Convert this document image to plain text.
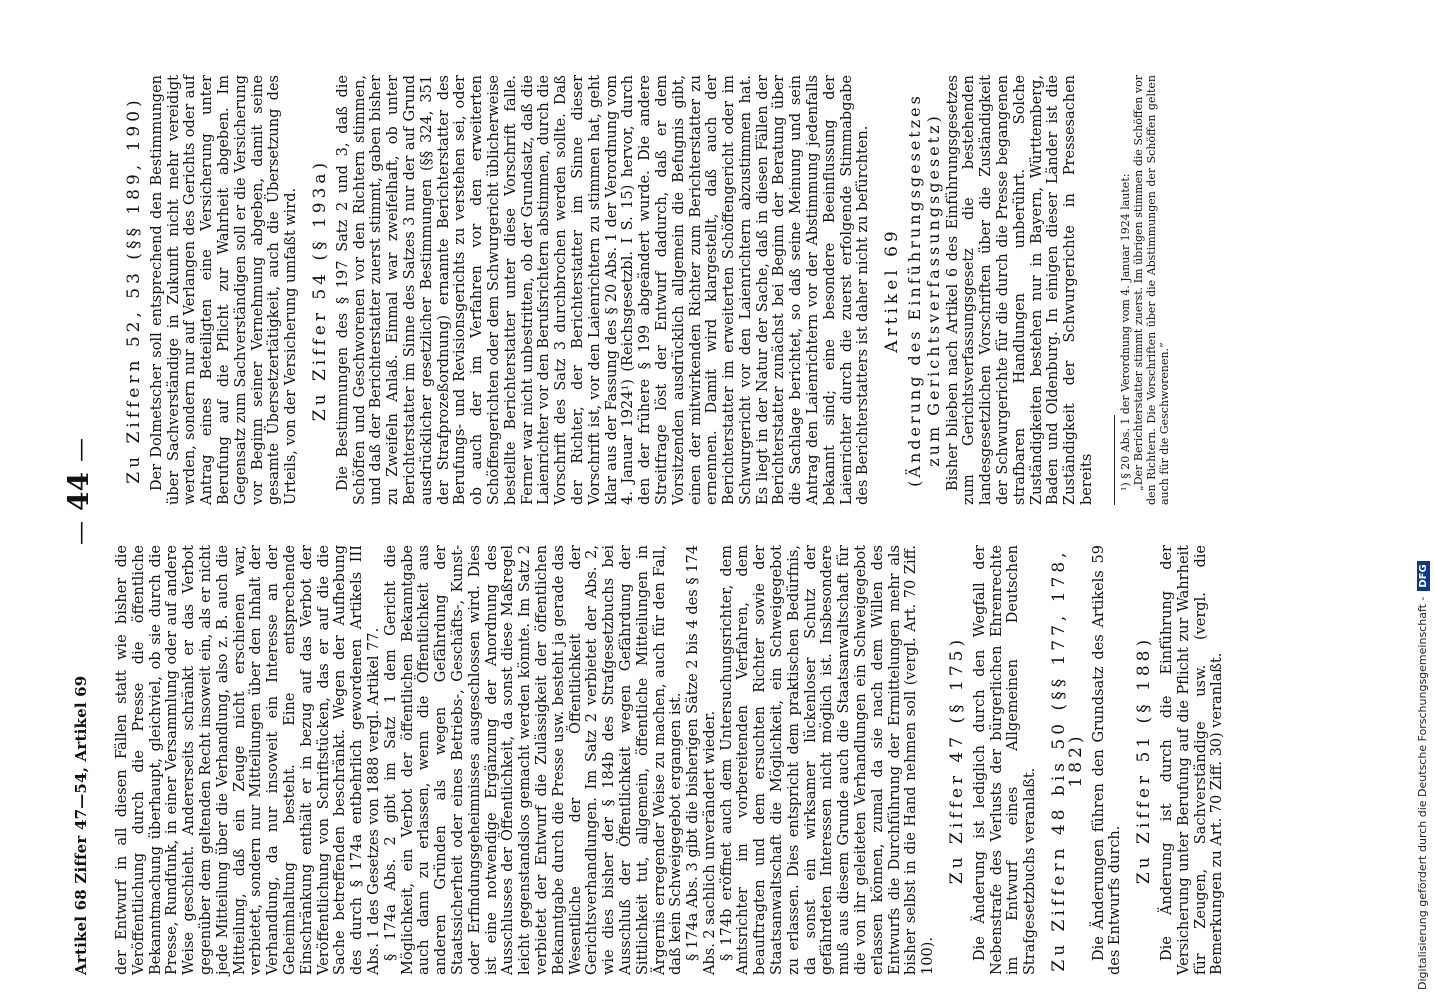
Artikel 68 Ziffer 47—54, Artikel 69
—44—

der Entwurf in all diesen Fällen statt wie bisher die Veröffentlichung durch die Presse die öffentliche Bekanntmachung überhaupt, gleichviel, ob sie durch die Presse, Rundfunk, in einer Versammlung oder auf andere Weise geschieht. Andererseits schränkt er das Verbot gegenüber dem geltenden Recht insoweit ein, als er nicht jede Mitteilung über die Verhandlung, also z. B. auch die Mitteilung, daß ein Zeuge nicht erschienen war, verbietet, sondern nur Mitteilungen über den Inhalt der Verhandlung, da nur insoweit ein Interesse an der Geheimhaltung besteht. Eine entsprechende Einschränkung enthält er in bezug auf das Verbot der Veröffentlichung von Schriftstücken, das er auf die die Sache betreffenden beschränkt. Wegen der Aufhebung des durch § 174a entbehrlich gewordenen Artikels III Abs. 1 des Gesetzes von 1888 vergl. Artikel 77. § 174a Abs. 2 gibt im Satz 1 dem Gericht die Möglichkeit, ein Verbot der öffentlichen Bekanntgabe auch dann zu erlassen, wenn die Öffentlichkeit aus anderen Gründen als wegen Gefährdung der Staatssicherheit oder eines Betriebs-, Geschäfts-, Kunst- oder Erfindungsgeheimnisses ausgeschlossen wird. Dies ist eine notwendige Ergänzung der Anordnung des Ausschlusses der Öffentlichkeit, da sonst diese Maßregel leicht gegenstandslos gemacht werden könnte. Im Satz 2 verbietet der Entwurf die Zulässigkeit der öffentlichen Bekanntgabe durch die Presse usw. besteht ja gerade das Wesentliche der Öffentlichkeit der Gerichtsverhandlungen. Im Satz 2 verbietet der Abs. 2, wie dies bisher der § 184b des Strafgesetzbuchs bei Ausschluß der Öffentlichkeit wegen Gefährdung der Sittlichkeit tut, allgemein, öffentliche Mitteilungen in Ärgernis erregender Weise zu machen, auch für den Fall, daß kein Schweigegebot ergangen ist. § 174a Abs. 3 gibt die bisherigen Sätze 2 bis 4 des § 174 Abs. 2 sachlich unverändert wieder. § 174b eröffnet auch dem Untersuchungsrichter, dem Amtsrichter im vorbereitenden Verfahren, dem beauftragten und dem ersuchten Richter sowie der Staatsanwaltschaft die Möglichkeit, ein Schweigegebot zu erlassen. Dies entspricht dem praktischen Bedürfnis, da sonst ein wirksamer lückenloser Schutz der gefährdeten Interessen nicht möglich ist. Insbesondere muß aus diesem Grunde auch die Staatsanwaltschaft für die von ihr geleiteten Verhandlungen ein Schweigegebot erlassen können, zumal da sie nach dem Willen des Entwurfs die Durchführung der Ermittelungen mehr als bisher selbst in die Hand nehmen soll (vergl. Art. 70 Ziff. 100).

Zu Ziffer 47 (§ 175) Die Änderung ist lediglich durch den Wegfall der Nebenstrafe des Verlusts der bürgerlichen Ehrenrechte im Entwurf eines Allgemeinen Deutschen Strafgesetzbuchs veranlaßt. Zu Ziffern 48 bis 50 (§§ 177, 178, 182) Die Änderungen führen den Grundsatz des Artikels 59 des Entwurfs durch.

Zu Ziffer 51 (§ 188) Die Änderung ist durch die Einführung der Versicherung unter Berufung auf die Pflicht zur Wahrheit für Zeugen, Sachverständige usw. (vergl. die Bemerkungen zu Art. 70 Ziff. 30) veranlaßt.

Zu Ziffern 52, 53 (§§ 189, 190) Der Dolmetscher soll entsprechend den Bestimmungen über Sachverständige in Zukunft nicht mehr vereidigt werden, sondern nur auf Verlangen des Gerichts oder auf Antrag eines Beteiligten eine Versicherung unter Berufung auf die Pflicht zur Wahrheit abgeben. Im Gegensatz zum Sachverständigen soll er die Versicherung vor Beginn seiner Vernehmung abgeben, damit seine gesamte Übersetzertätigkeit, auch die Übersetzung des Urteils, von der Versicherung umfaßt wird. Zu Ziffer 54 (§ 193a) Die Bestimmungen des § 197 Satz 2 und 3, daß die Schöffen und Geschworenen vor den Richtern stimmen, und daß der Berichterstatter zuerst stimmt, gaben bisher zu Zweifeln Anlaß. Einmal war zweifelhaft, ob unter Berichterstatter im Sinne des Satzes 3 nur der auf Grund ausdrücklicher gesetzlicher Bestimmungen (§§ 324, 351 der Strafprozeßordnung) ernannte Berichterstatter des Berufungs- und Revisionsgerichts zu verstehen sei, oder ob auch der im Verfahren vor den erweiterten Schöffengerichten oder dem Schwurgericht üblicherweise bestellte Berichterstatter unter diese Vorschrift falle. Ferner war nicht unbestritten, ob der Grundsatz, daß die Laienrichter vor den Berufsrichtern abstimmen, durch die Vorschrift des Satz 3 durchbrochen werden sollte. Daß der Richter, der Berichterstatter im Sinne dieser Vorschrift ist, vor den Laienrichtern zu stimmen hat, geht klar aus der Fassung des § 20 Abs. 1 der Verordnung vom 4. Januar 1924¹) (Reichsgesetzbl. I S. 15) hervor, durch den der frühere § 199 abgeändert wurde. Die andere Streitfrage löst der Entwurf dadurch, daß er dem Vorsitzenden ausdrücklich allgemein die Befugnis gibt, einen der mitwirkenden Richter zum Berichterstatter zu ernennen. Damit wird klargestellt, daß auch der Berichterstatter im erweiterten Schöffengericht oder im Schwurgericht vor den Laienrichtern abzustimmen hat. Es liegt in der Natur der Sache, daß in diesen Fällen der Berichterstatter zunächst bei Beginn der Beratung über die Sachlage berichtet, so daß seine Meinung und sein Antrag den Laienrichtern vor der Abstimmung jedenfalls bekannt sind; eine besondere Beeinflussung der Laienrichter durch die zuerst erfolgende Stimmabgabe des Berichterstatters ist daher nicht zu befürchten. Artikel 69 (Änderung des Einführungsgesetzes zum Gerichtsverfassungsgesetz) Bisher blieben nach Artikel 6 des Einführungsgesetzes zum Gerichtsverfassungsgesetz die bestehenden landesgesetzlichen Vorschriften über die Zuständigkeit der Schwurgerichte für die durch die Presse begangenen strafbaren Handlungen unberührt. Solche Zuständigkeiten bestehen nur in Bayern, Württemberg, Baden und Oldenburg. In einigen dieser Länder ist die Zuständigkeit der Schwurgerichte in Pressesachen bereits ¹) § 20 Abs. 1 der Verordnung vom 4. Januar 1924 lautet: „Der Berichterstatter stimmt zuerst. Im übrigen stimmen die Schöffen vor den Richtern. Die Vorschriften über die Abstimmungen der Schöffen gelten auch für die Geschworenen.“

Digitalisierung gefördert durch die Deutsche Forschungsgemeinschaft -DFG
